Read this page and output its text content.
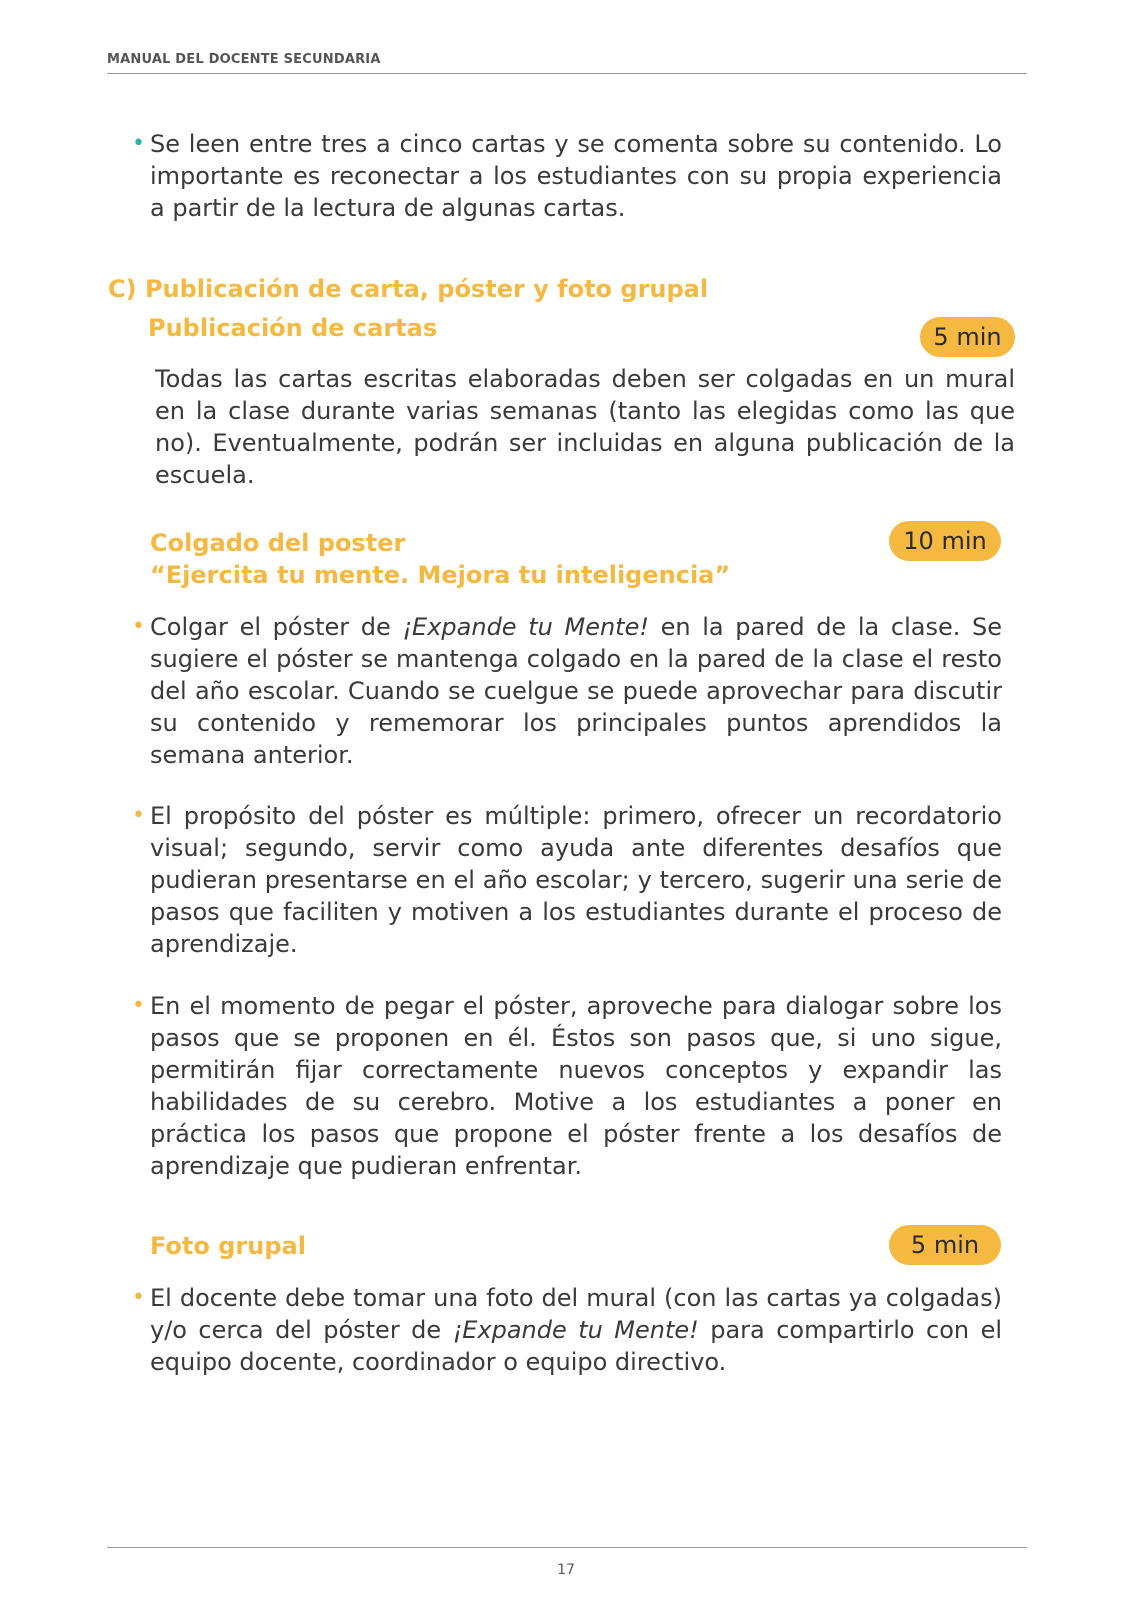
MANUAL DEL DOCENTE SECUNDARIA
• Se leen entre tres a cinco cartas y se comenta sobre su contenido. Lo importante es reconectar a los estudiantes con su propia experiencia a partir de la lectura de algunas cartas.
C) Publicación de carta, póster y foto grupal
Publicación de cartas	5 min
Todas las cartas escritas elaboradas deben ser colgadas en un mural en la clase durante varias semanas (tanto las elegidas como las que no). Eventualmente, podrán ser incluidas en alguna publicación de la escuela.
Colgado del poster
“Ejercita tu mente. Mejora tu inteligencia”
10 min
• Colgar el póster de ¡Expande tu Mente! en la pared de la clase. Se sugiere el póster se mantenga colgado en la pared de la clase el resto del año escolar. Cuando se cuelgue se puede aprovechar para discutir su contenido y rememorar los principales puntos aprendidos la semana anterior.
• El propósito del póster es múltiple: primero, ofrecer un recordatorio visual; segundo, servir como ayuda ante diferentes desafíos que pudieran presentarse en el año escolar; y tercero, sugerir una serie de pasos que faciliten y motiven a los estudiantes durante el proceso de aprendizaje.
• En el momento de pegar el póster, aproveche para dialogar sobre los pasos que se proponen en él. Éstos son pasos que, si uno sigue, permitirán fijar correctamente nuevos conceptos y expandir las habilidades de su cerebro. Motive a los estudiantes a poner en práctica los pasos que propone el póster frente a los desafíos de aprendizaje que pudieran enfrentar.
Foto grupal	5 min
• El docente debe tomar una foto del mural (con las cartas ya colgadas) y/o cerca del póster de ¡Expande tu Mente! para compartirlo con el equipo docente, coordinador o equipo directivo.
17
